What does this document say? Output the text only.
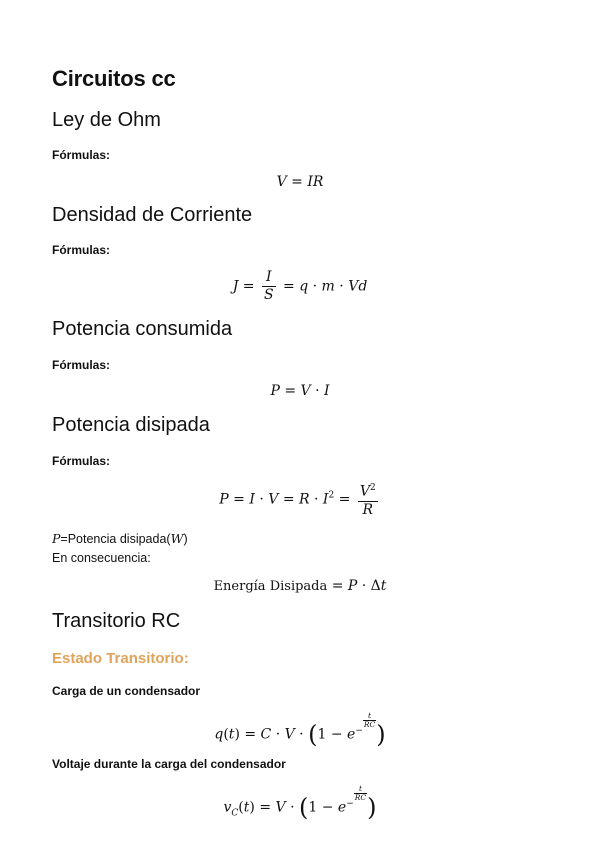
Circuitos cc
Ley de Ohm
Fórmulas:
V = IR
Densidad de Corriente
Fórmulas:
$J = \frac{I}{S} = q \cdot m \cdot Vd$
Potencia consumida
Fórmulas:
P = V · I
Potencia disipada
Fórmulas:
$P = I \cdot V = R \cdot I^2 = \frac{V^2}{R}$
P=Potencia disipada(W)
En consecuencia:
Energía Disipada = P · Δt
Transitorio RC
Estado Transitorio:
Carga de un condensador
$q(t) = C \cdot V \cdot (1 - e^{- \frac{t}{RC}}$
)
Voltaje durante la carga del condensador
$v_C(t) = V \cdot (1 - e^{- \frac{t}{RC}}$
)
